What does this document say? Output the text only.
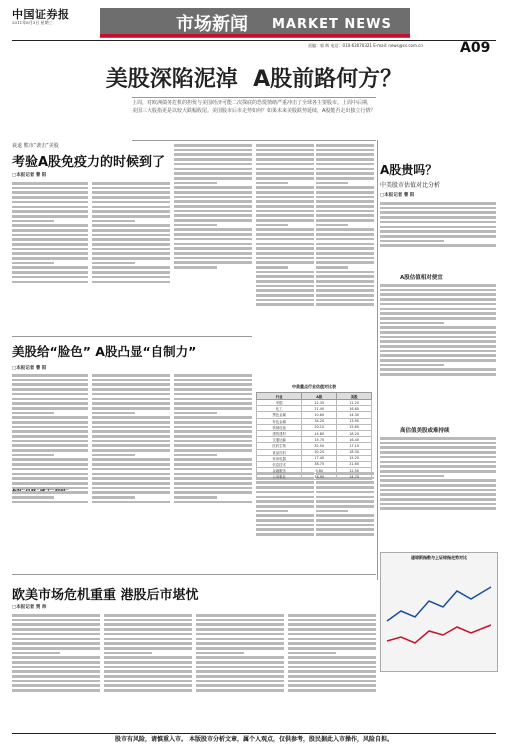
中国证券报
2011年8月3日 星期三	市场新闻 MARKET NEWS
责编：郭 辉 电话：010-63070321 E-mail: news@cs.com.cn	A09
美股深陷泥淖 A股前路何方？
上周，对欧洲债务危机的担忧与美国经济可能二次探底的恐慌情绪严重冲击了全球各主要股市。上周中后期，美国三大股指更是以较大跌幅收尾。美国股市后市走势如何？如果未来美股跌势延续，A股能否走出独立行情？
衰退 熊市“袭击”美股
考验A股免疫力的时候到了
□本报记者 曹 阳
美股给“脸色” A股凸显“自制力”
□本报记者 曹 阳
欧美市场危机重重 港股后市堪忧
□本报记者 贾 帅
中美重点行业估值对比表
行业	A股	美股
采掘	12.35	11.20
化工	21.40	16.80
黑色金属	10.60	14.30
有色金属	34.20	13.90
机械设备	20.10	15.60
建筑建材	14.80	18.20
交通运输	15.70	16.40
医药生物	32.50	17.10
食品饮料	30.20	18.30
家用电器	17.40	15.20
信息技术	38.70	21.60
金融服务	9.80	12.50
公用事业	18.90	14.70
A股贵吗？
中美股市估值对比分析
□本报记者 曹 阳
A股估值相对便宜
高估值美股或难持续
道琼斯指数与上证综指走势对比
股市有风险，请慎重入市。 本版股市分析文章，属个人观点，仅供参考，股民据此入市操作，风险自担。
